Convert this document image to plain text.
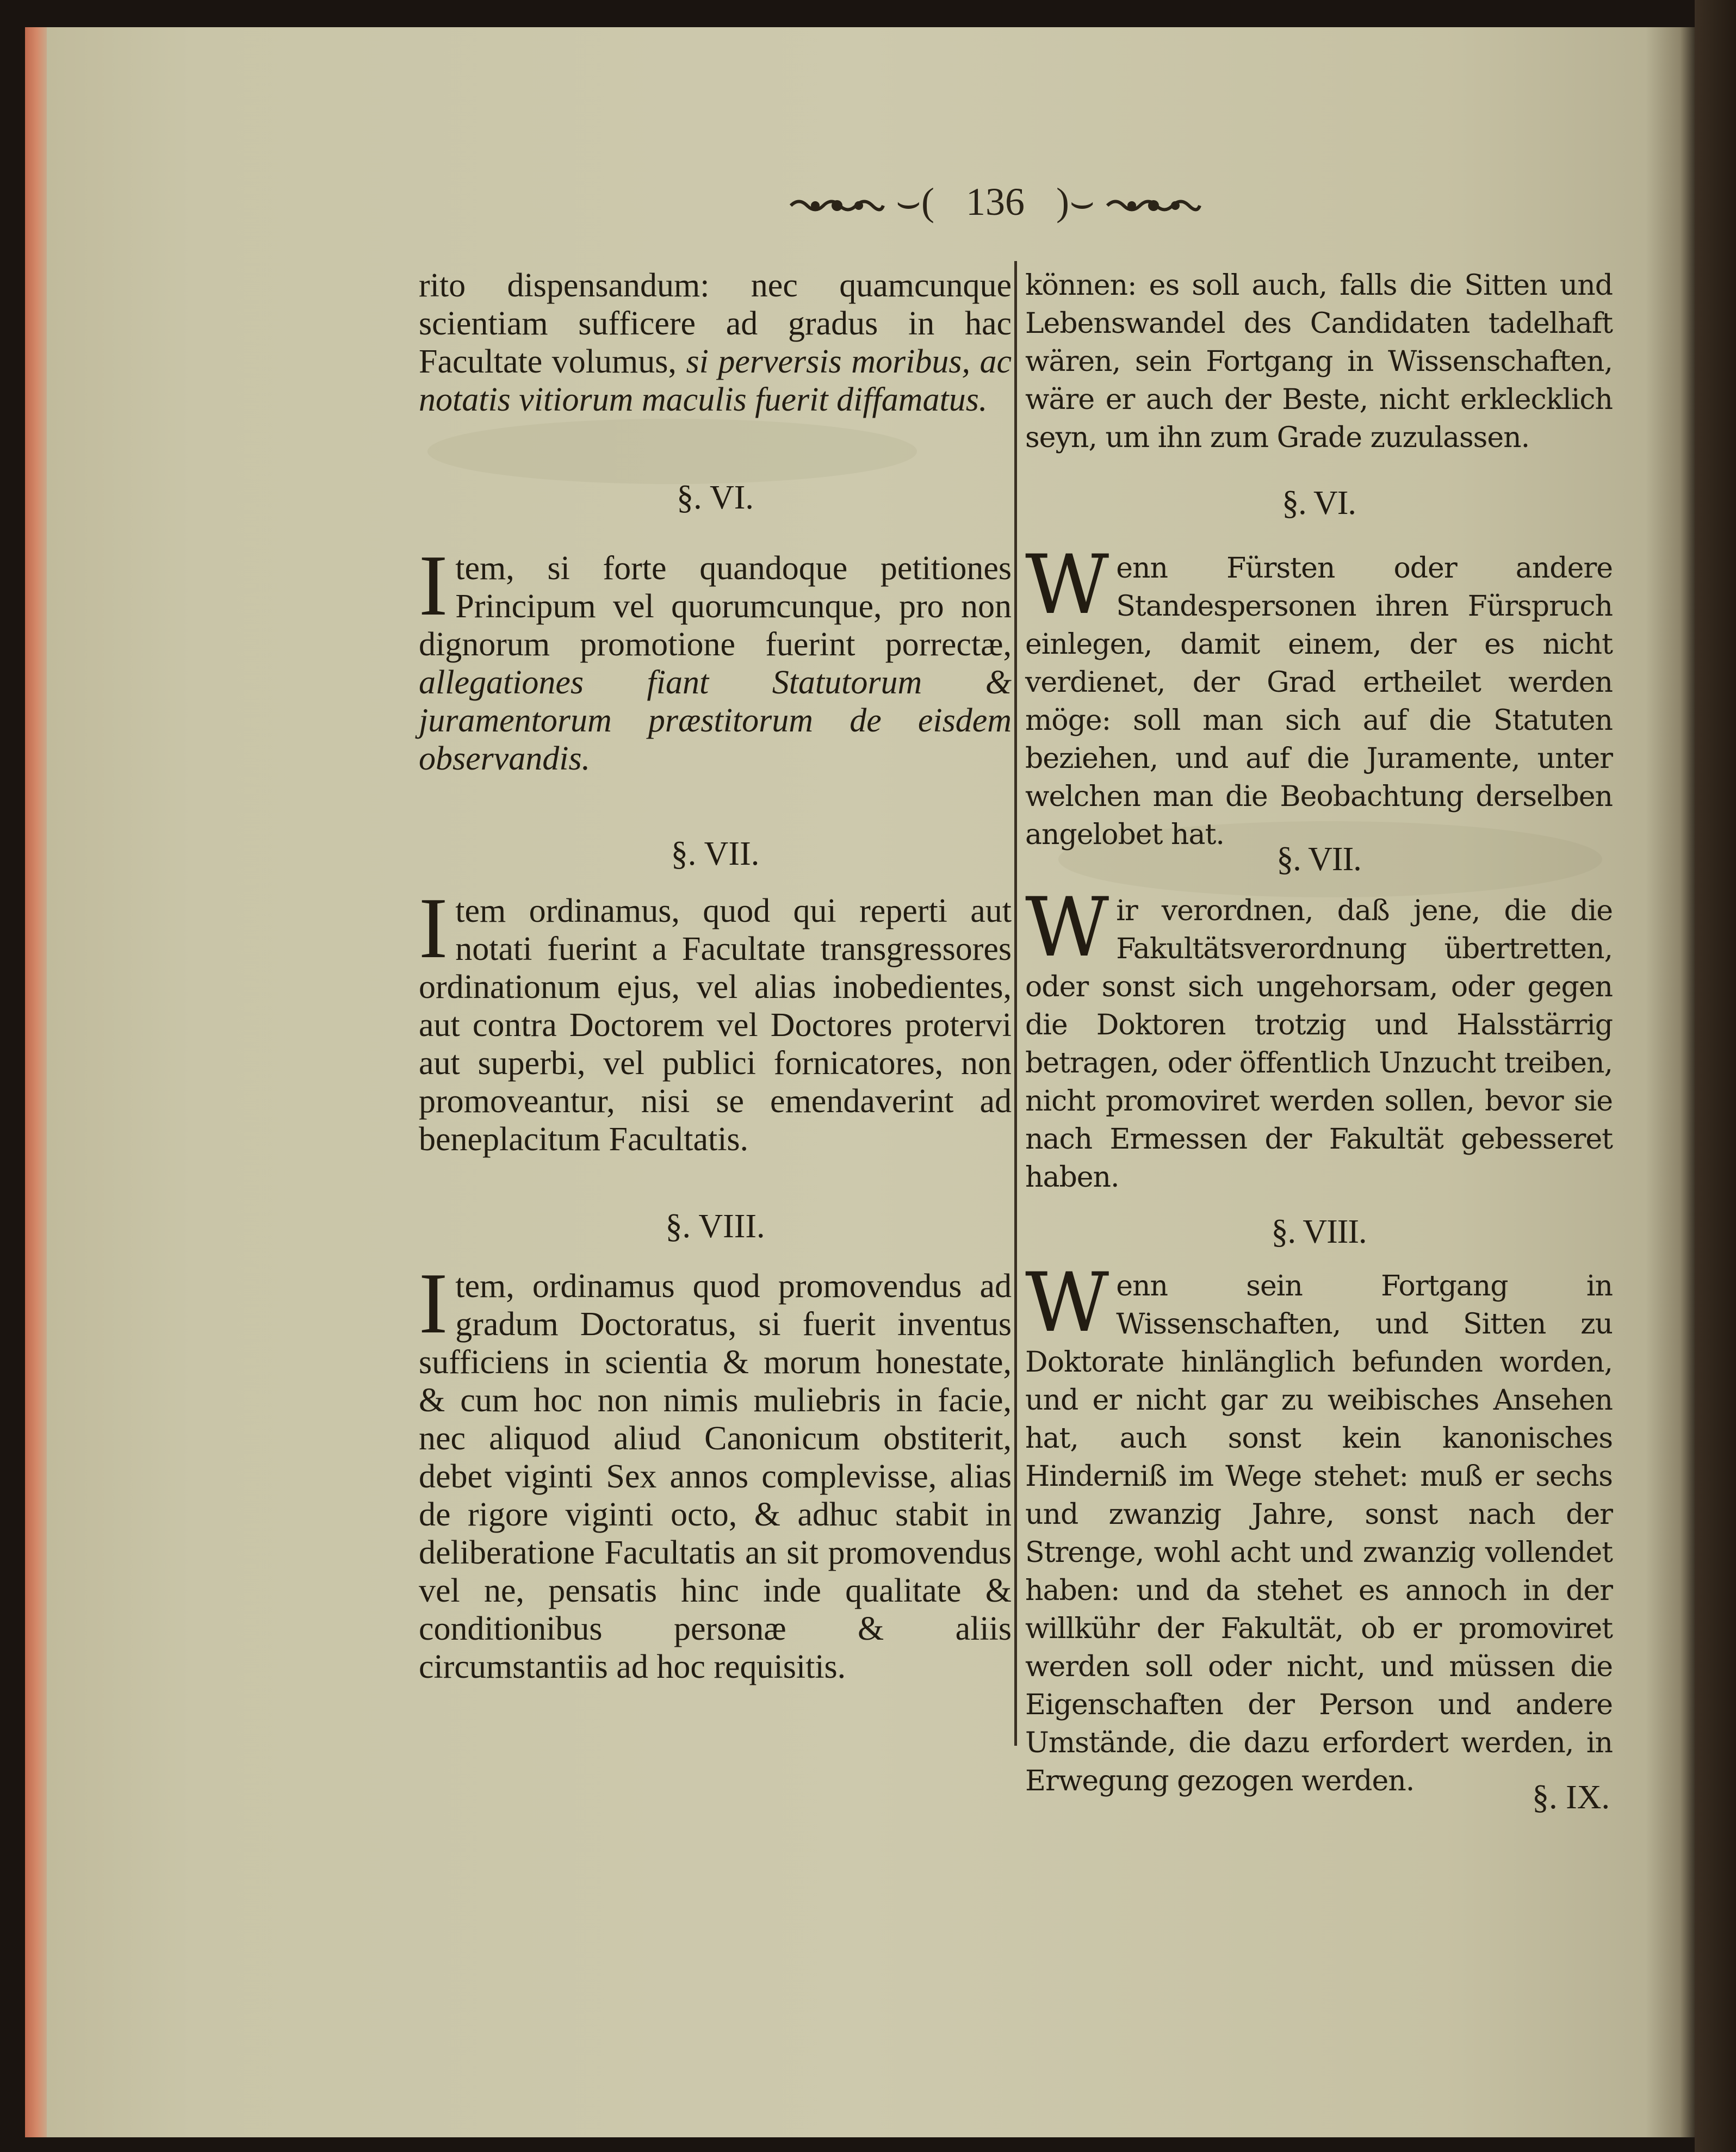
⌣( 136 )⌣

rito dispensandum: nec quamcunque scientiam sufficere ad gradus in hac Facultate volumus, si perversis moribus, ac notatis vitiorum maculis fuerit diffamatus.

§. VI.
I tem, si forte quandoque petitiones Principum vel quorumcunque, pro non dignorum promotione fuerint porrectæ, allegationes fiant Statutorum & juramentorum præstitorum de eisdem observandis.
§. VII.
I tem ordinamus, quod qui reperti aut notati fuerint a Facultate transgressores ordinationum ejus, vel alias inobedientes, aut contra Doctorem vel Doctores protervi aut superbi, vel publici fornicatores, non promoveantur, nisi se emendaverint ad beneplacitum Facultatis.
§. VIII.
I tem, ordinamus quod promovendus ad gradum Doctoratus, si fuerit inventus sufficiens in scientia & morum honestate, & cum hoc non nimis muliebris in facie, nec aliquod aliud Canonicum obstiterit, debet viginti Sex annos complevisse, alias de rigore viginti octo, & adhuc stabit in deliberatione Facultatis an sit promovendus vel ne, pensatis hinc inde qualitate & conditionibus personæ & aliis circumstantiis ad hoc requisitis.

können: es soll auch, falls die Sitten und Lebenswandel des Candidaten tadelhaft wären, sein Fortgang in Wissenschaften, wäre er auch der Beste, nicht erklecklich seyn, um ihn zum Grade zuzulassen.

§. VI.
W enn Fürsten oder andere Standespersonen ihren Fürspruch einlegen, damit einem, der es nicht verdienet, der Grad ertheilet werden möge: soll man sich auf die Statuten beziehen, und auf die Juramente, unter welchen man die Beobachtung derselben angelobet hat.
§. VII.
W ir verordnen, daß jene, die die Fakultätsverordnung übertretten, oder sonst sich ungehorsam, oder gegen die Doktoren trotzig und Halsstärrig betragen, oder öffentlich Unzucht treiben, nicht promoviret werden sollen, bevor sie nach Ermessen der Fakultät gebesseret haben.
§. VIII.
W enn sein Fortgang in Wissenschaften, und Sitten zu Doktorate hinlänglich befunden worden, und er nicht gar zu weibisches Ansehen hat, auch sonst kein kanonisches Hinderniß im Wege stehet: muß er sechs und zwanzig Jahre, sonst nach der Strenge, wohl acht und zwanzig vollendet haben: und da stehet es annoch in der willkühr der Fakultät, ob er promoviret werden soll oder nicht, und müssen die Eigenschaften der Person und andere Umstände, die dazu erfordert werden, in Erwegung gezogen werden.	§. IX.
